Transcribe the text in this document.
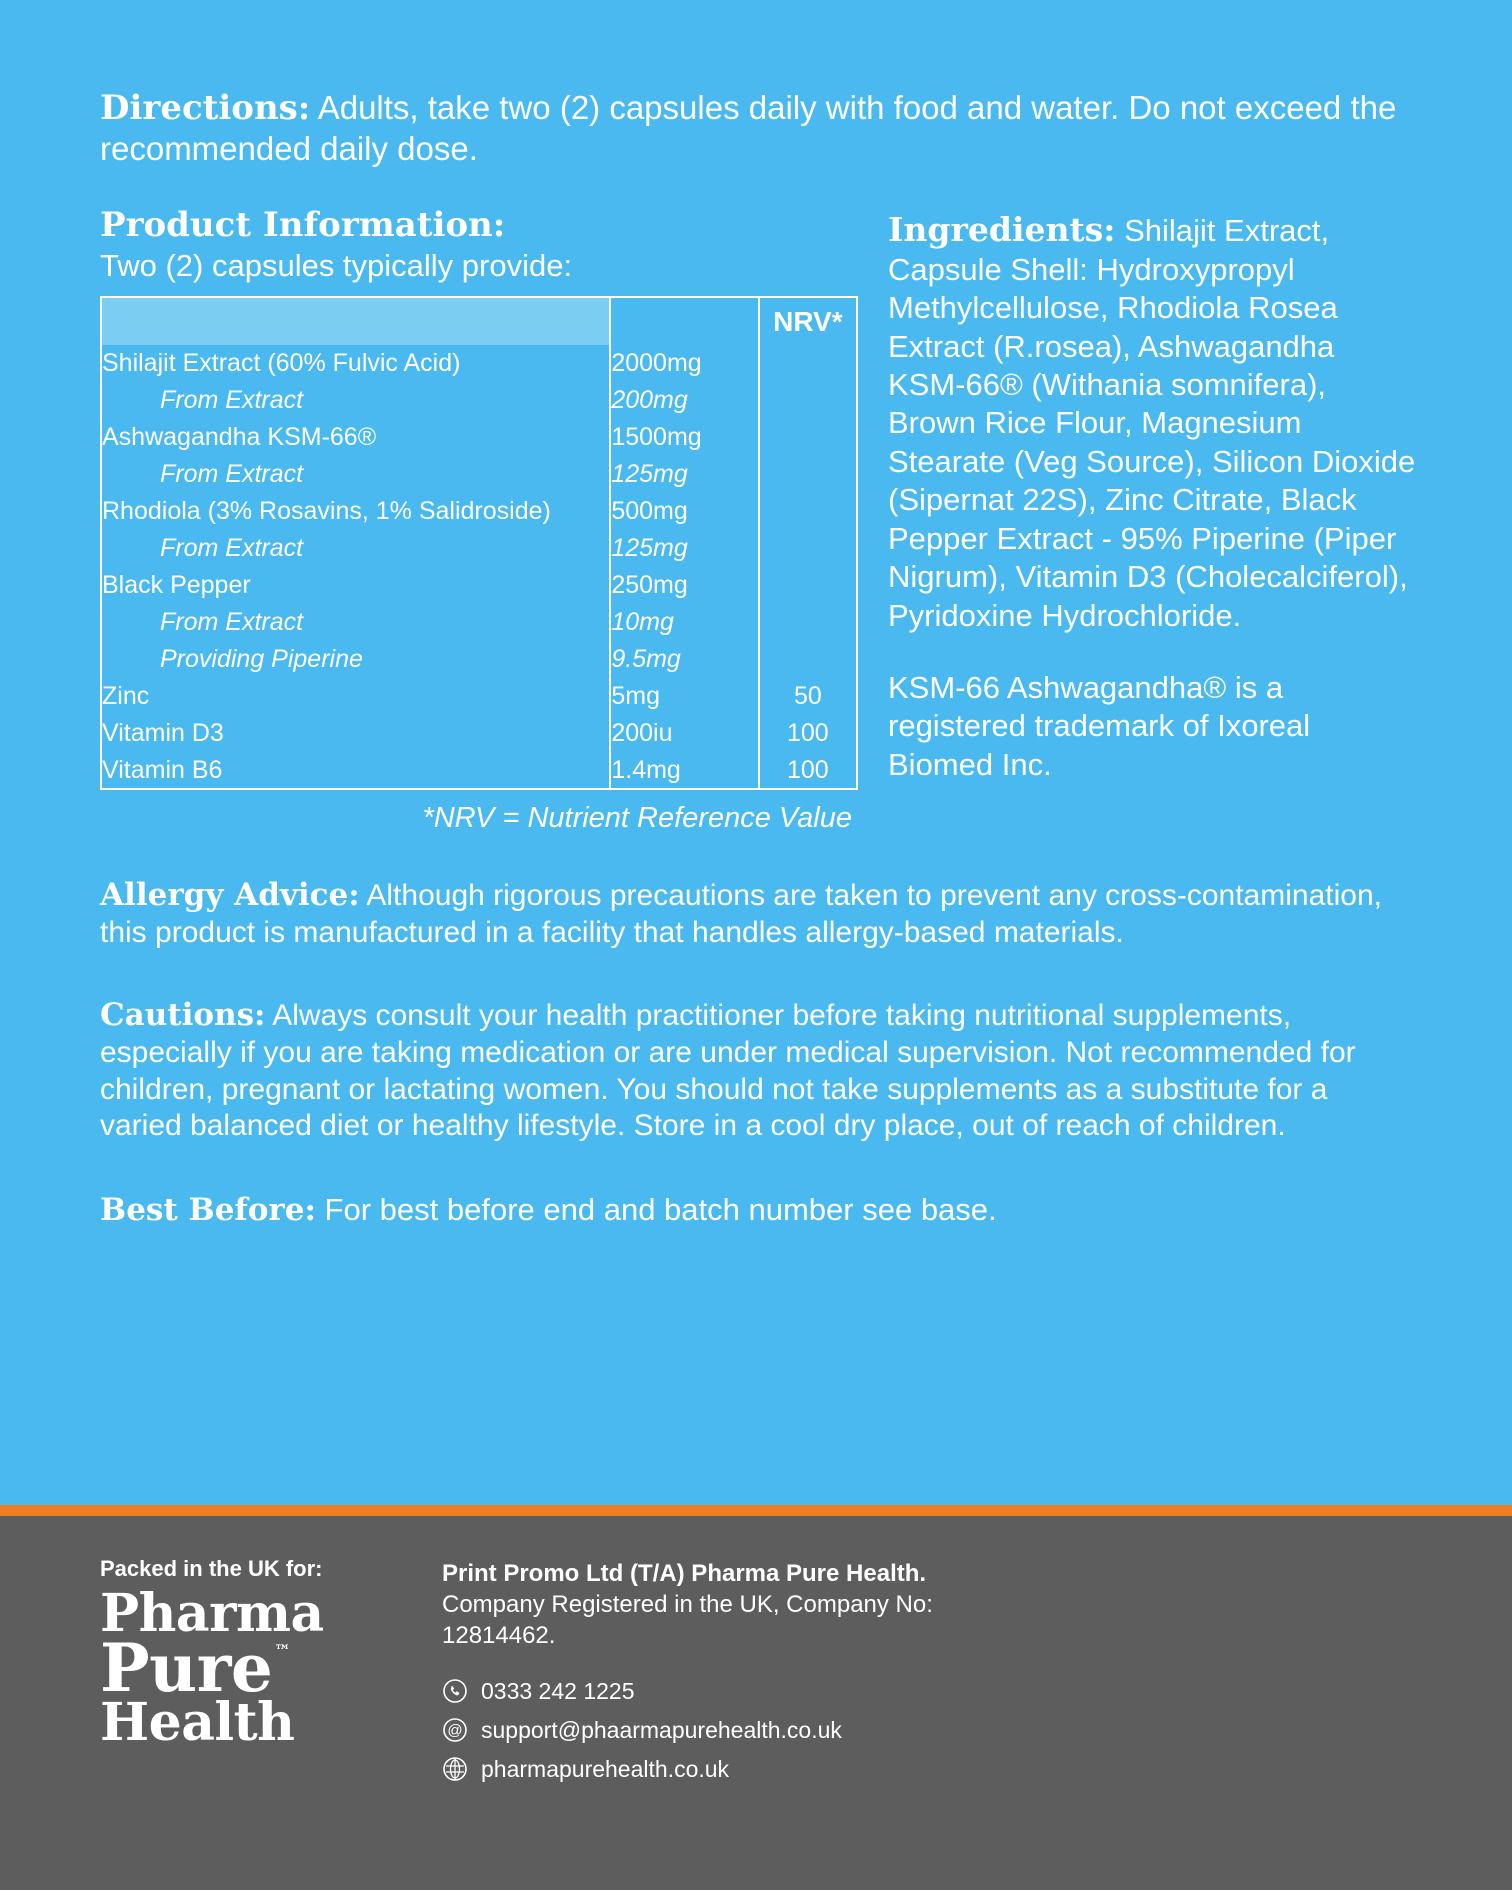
Directions: Adults, take two (2) capsules daily with food and water. Do not exceed the recommended daily dose.
Product Information:
Two (2) capsules typically provide:

		NRV*

Shilajit Extract (60% Fulvic Acid)	2000mg	

From Extract	200mg	
Ashwagandha KSM-66®	1500mg	

From Extract	125mg	
Rhodiola (3% Rosavins, 1% Salidroside)	500mg	

From Extract	125mg	
Black Pepper	250mg	

From Extract	10mg	

Providing Piperine	9.5mg	
Zinc	5mg	50
Vitamin D3	200iu	100
Vitamin B6	1.4mg	100
*NRV = Nutrient Reference Value
Ingredients: Shilajit Extract, Capsule Shell: Hydroxypropyl Methylcellulose, Rhodiola Rosea Extract (R.rosea), Ashwagandha KSM-66® (Withania somnifera), Brown Rice Flour, Magnesium Stearate (Veg Source), Silicon Dioxide (Sipernat 22S), Zinc Citrate, Black Pepper Extract - 95% Piperine (Piper Nigrum), Vitamin D3 (Cholecalciferol), Pyridoxine Hydrochloride.
KSM-66 Ashwagandha® is a registered trademark of Ixoreal Biomed Inc.
Allergy Advice: Although rigorous precautions are taken to prevent any cross-contamination, this product is manufactured in a facility that handles allergy-based materials.
Cautions: Always consult your health practitioner before taking nutritional supplements, especially if you are taking medication or are under medical supervision. Not recommended for children, pregnant or lactating women. You should not take supplements as a substitute for a varied balanced diet or healthy lifestyle. Store in a cool dry place, out of reach of children.
Best Before: For best before end and batch number see base.
Packed in the UK for:
Pharma
Pure ™
Health
Print Promo Ltd (T/A) Pharma Pure Health. Company Registered in the UK, Company No: 12814462.
0333 242 1225
@ support@phaarmapurehealth.co.uk
pharmapurehealth.co.uk
